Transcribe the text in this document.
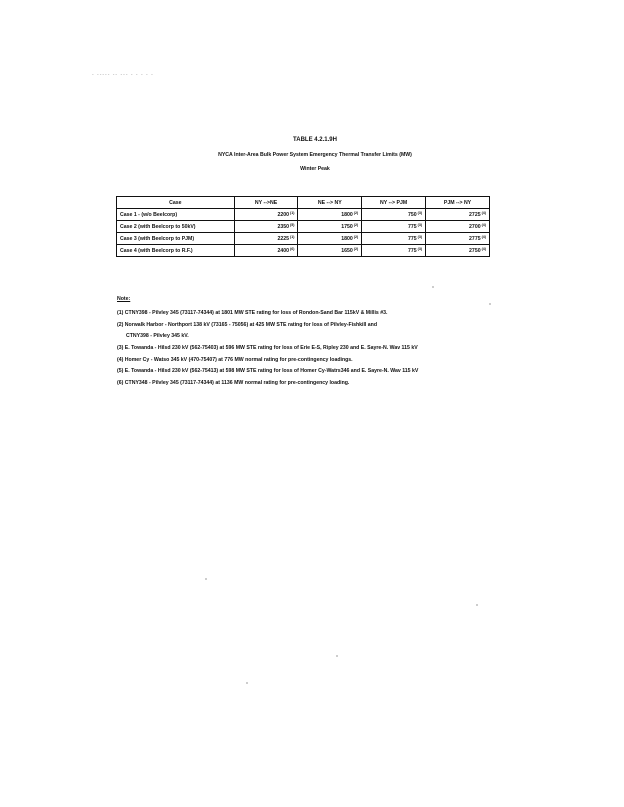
- ----- -- --- - - - - -
TABLE 4.2.1.9H
NYCA Inter-Area Bulk Power System Emergency Thermal Transfer Limits (MW)
Winter Peak
Case	NY -->NE	NE --> NY	NY --> PJM	PJM --> NY
Case 1 - (w/o Beelcorp)	2200$^{(1)}$	1800$^{(2)}$	750$^{(3)}$	2725$^{(4)}$
Case 2 (with Beelcorp to 50kV)	2350$^{(5)}$	1750$^{(2)}$	775$^{(3)}$	2700$^{(4)}$
Case 3 (with Beelcorp to PJM)	2225$^{(1)}$	1800$^{(2)}$	775$^{(3)}$	2775$^{(4)}$
Case 4 (with Beelcorp to R.F.)	2400$^{(6)}$	1650$^{(2)}$	775$^{(3)}$	2750$^{(4)}$
Note:
(1) CTNY398 - Pilvley 345 (73117-74344) at 1801 MW STE rating for loss of Rondon-Sand Bar 115kV & Millis #3.
(2) Norwalk Harbor - Northport 138 kV (73165 - 75056) at 425 MW STE rating for loss of Pilvley-Fishkill and
CTNY398 - Pilvley 345 kV.
(3) E. Towanda - Hilsd 230 kV (562-75403) at 596 MW STE rating for loss of Erie E-S, Ripley 230 and E. Sayre-N. Wav 115 kV
(4) Homer Cy - Watso 345 kV (470-75407) at 776 MW normal rating for pre-contingency loadings.
(5) E. Towanda - Hilsd 230 kV (562-75413) at 598 MW STE rating for loss of Homer Cy-Watrs346 and E. Sayre-N. Wav 115 kV
(6) CTNY348 - Pilvley 345 (73117-74344) at 1136 MW normal rating for pre-contingency loading.
